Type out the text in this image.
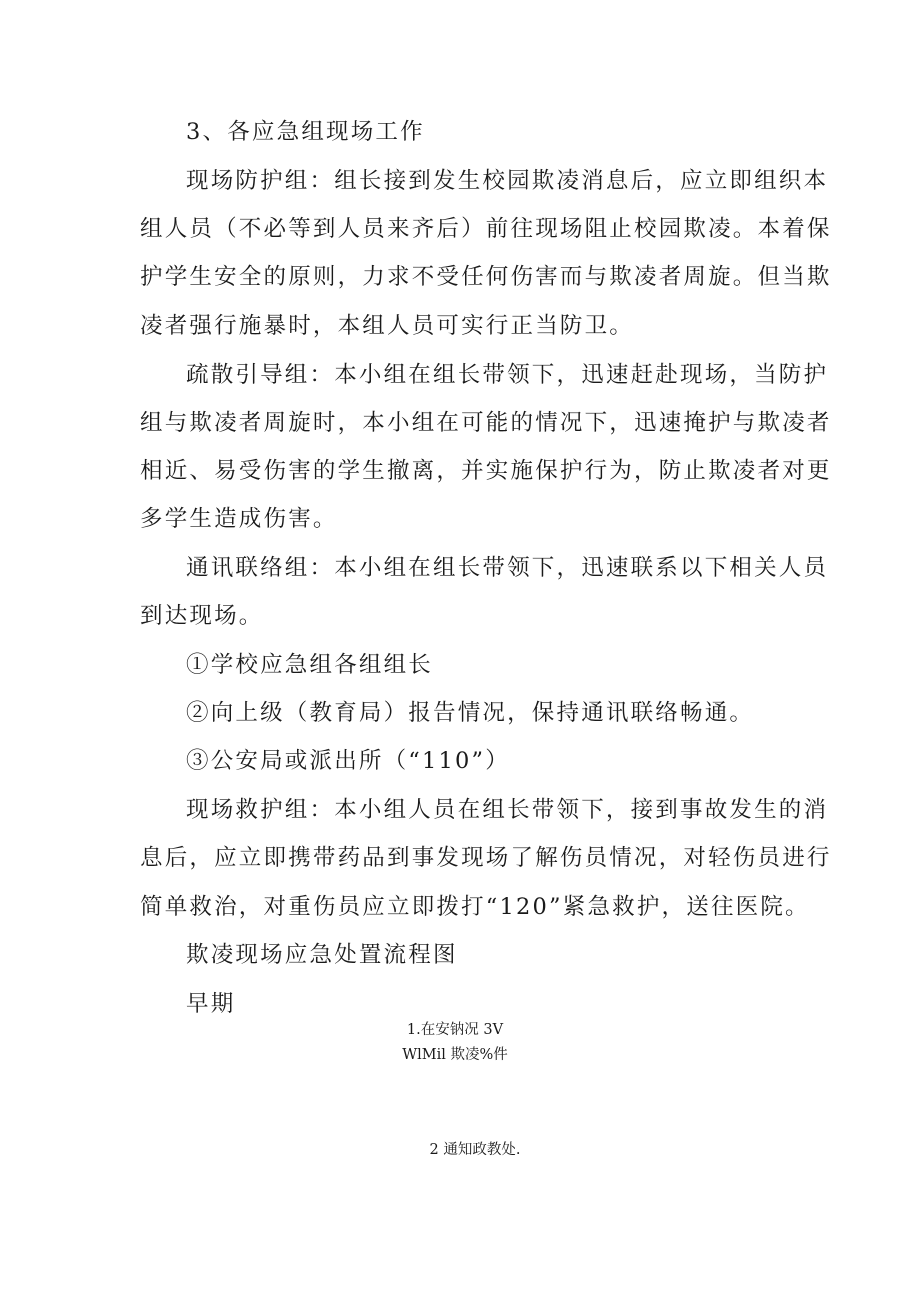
3、各应急组现场工作
现场防护组：组长接到发生校园欺凌消息后，应立即组织本
组人员（不必等到人员来齐后）前往现场阻止校园欺凌。本着保
护学生安全的原则，力求不受任何伤害而与欺凌者周旋。但当欺
凌者强行施暴时，本组人员可实行正当防卫。
疏散引导组：本小组在组长带领下，迅速赶赴现场，当防护
组与欺凌者周旋时，本小组在可能的情况下，迅速掩护与欺凌者
相近、易受伤害的学生撤离，并实施保护行为，防止欺凌者对更
多学生造成伤害。
通讯联络组：本小组在组长带领下，迅速联系以下相关人员
到达现场。
①学校应急组各组组长
②向上级（教育局）报告情况，保持通讯联络畅通。
③公安局或派出所（“110”）
现场救护组：本小组人员在组长带领下，接到事故发生的消
息后，应立即携带药品到事发现场了解伤员情况，对轻伤员进行
简单救治，对重伤员应立即拨打“120”紧急救护，送往医院。
欺凌现场应急处置流程图
早期
1.在安钠况 3V
WlMil 欺凌%件
2 通知政教处.
